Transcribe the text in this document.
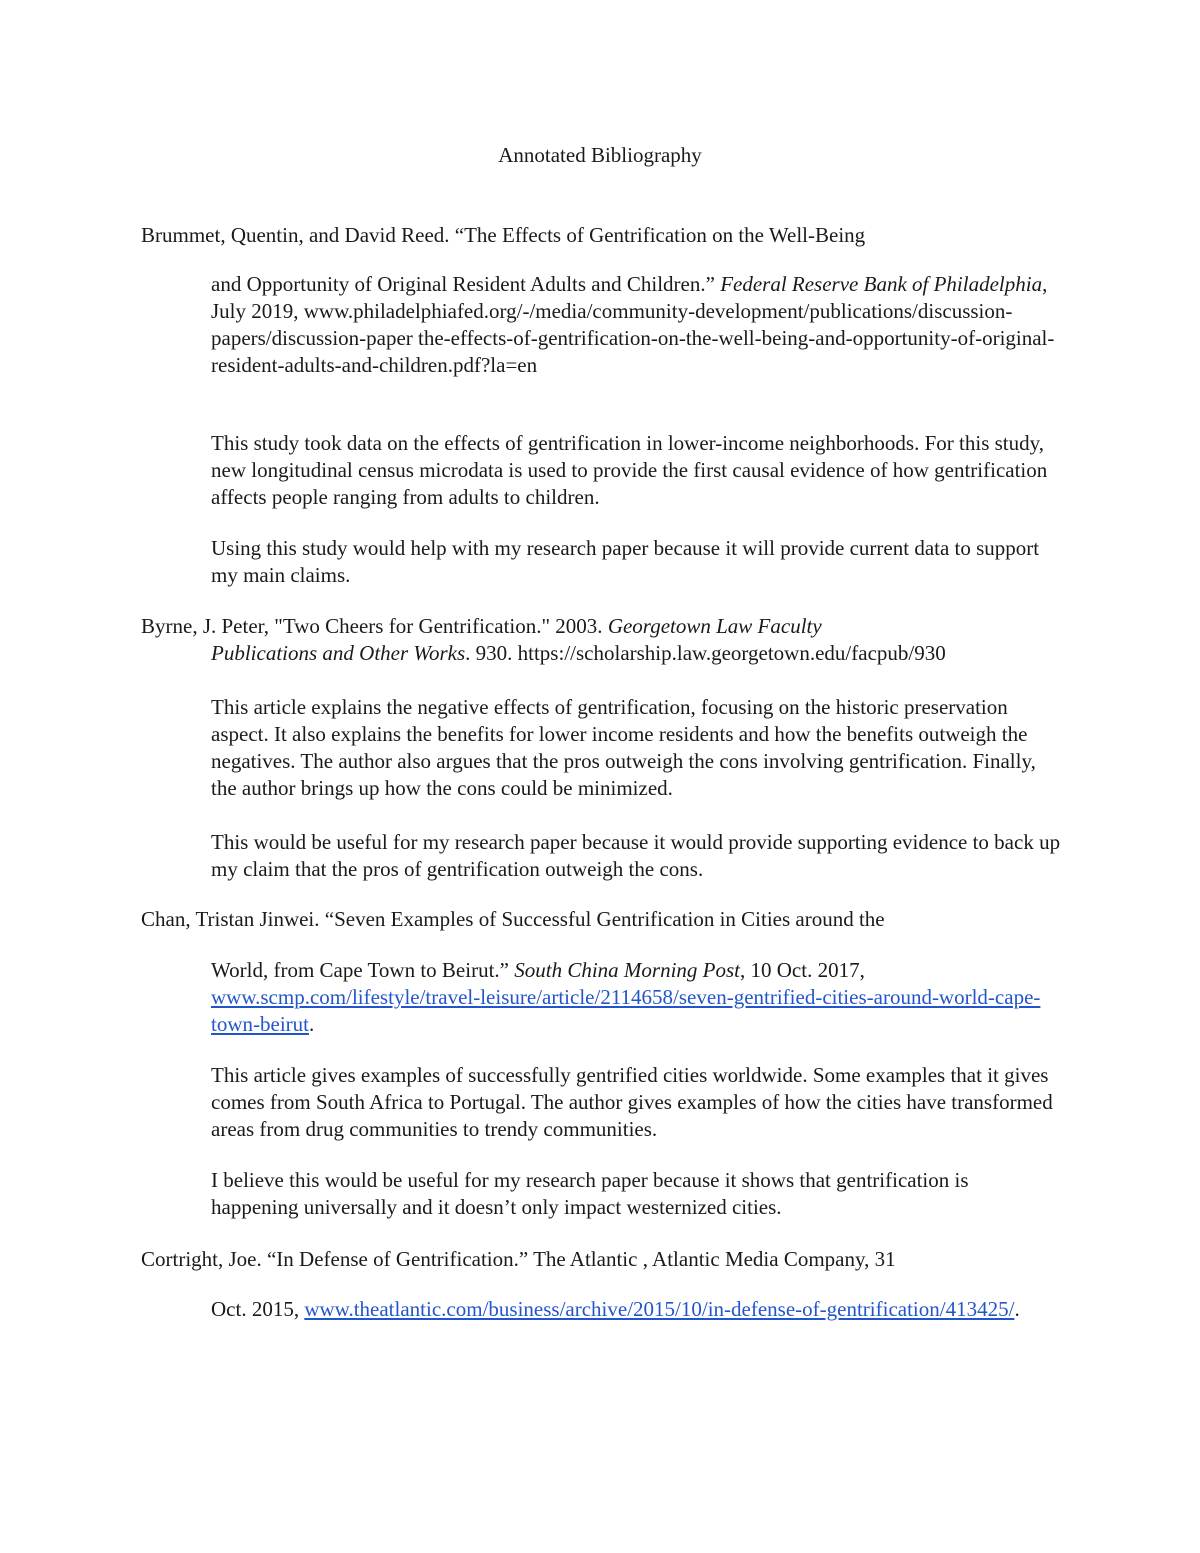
Annotated Bibliography
Brummet, Quentin, and David Reed. “The Effects of Gentrification on the Well-Being

and Opportunity of Original Resident Adults and Children.” Federal Reserve Bank of Philadelphia, July 2019, www.philadelphiafed.org/-/media/community-development/publications/discussion-papers/discussion-paper the-effects-of-gentrification-on-the-well-being-and-opportunity-of-original-resident-adults-and-children.pdf?la=en

This study took data on the effects of gentrification in lower-income neighborhoods. For this study, new longitudinal census microdata is used to provide the first causal evidence of how gentrification affects people ranging from adults to children.
Using this study would help with my research paper because it will provide current data to support my main claims.
Byrne, J. Peter, "Two Cheers for Gentrification." 2003. Georgetown Law Faculty

Publications and Other Works. 930. https://scholarship.law.georgetown.edu/facpub/930

This article explains the negative effects of gentrification, focusing on the historic preservation aspect. It also explains the benefits for lower income residents and how the benefits outweigh the negatives. The author also argues that the pros outweigh the cons involving gentrification. Finally, the author brings up how the cons could be minimized.
This would be useful for my research paper because it would provide supporting evidence to back up my claim that the pros of gentrification outweigh the cons.
Chan, Tristan Jinwei. “Seven Examples of Successful Gentrification in Cities around the

World, from Cape Town to Beirut.” South China Morning Post, 10 Oct. 2017,
www.scmp.com/lifestyle/travel-leisure/article/2114658/seven-gentrified-cities-around-world-cape-town-beirut.

This article gives examples of successfully gentrified cities worldwide. Some examples that it gives comes from South Africa to Portugal. The author gives examples of how the cities have transformed areas from drug communities to trendy communities.
I believe this would be useful for my research paper because it shows that gentrification is happening universally and it doesn’t only impact westernized cities.
Cortright, Joe. “In Defense of Gentrification.” The Atlantic , Atlantic Media Company, 31

Oct. 2015, www.theatlantic.com/business/archive/2015/10/in-defense-of-gentrification/413425/.
